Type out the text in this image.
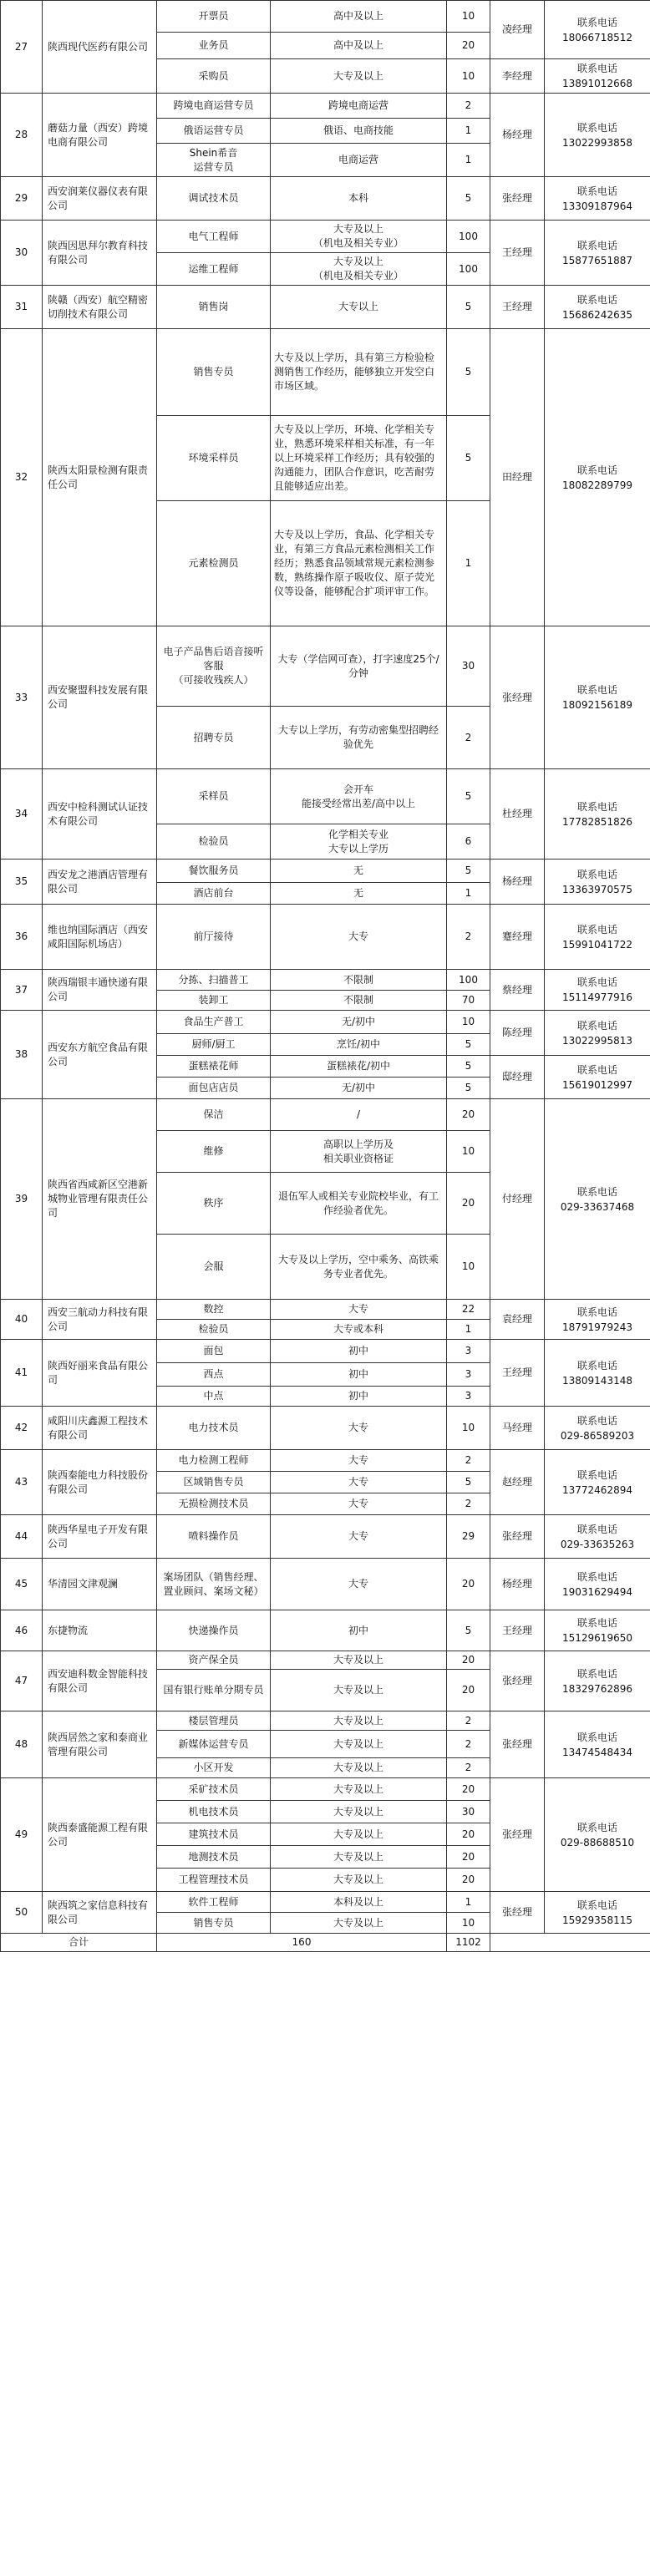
27	陕西现代医药有限公司	开票员	高中及以上	10	凌经理	联系电话
18066718512
		业务员	高中及以上	20		
		采购员	大专及以上	10	李经理	联系电话
13891012668
28	蘑菇力量（西安）跨境电商有限公司	跨境电商运营专员	跨境电商运营	2	杨经理	联系电话
13022993858
		俄语运营专员	俄语、电商技能	1		
		Shein希音
运营专员	电商运营	1		
29	西安润莱仪器仪表有限公司	调试技术员	本科	5	张经理	联系电话
13309187964
30	陕西因思拜尔教育科技有限公司	电气工程师	大专及以上
（机电及相关专业）	100	王经理	联系电话
15877651887
		运维工程师	大专及以上
（机电及相关专业）	100		
31	陕赣（西安）航空精密切削技术有限公司	销售岗	大专以上	5	王经理	联系电话
15686242635
32	陕西太阳景检测有限责任公司	销售专员	大专及以上学历，具有第三方检验检测销售工作经历，能够独立开发空白市场区域。	5	田经理	联系电话
18082289799
		环境采样员	大专及以上学历，环境、化学相关专业，熟悉环境采样相关标准，有一年以上环境采样工作经历；具有较强的沟通能力，团队合作意识，吃苦耐劳且能够适应出差。	5		
		元素检测员	大专及以上学历，食品、化学相关专业，有第三方食品元素检测相关工作经历；熟悉食品领域常规元素检测参数，熟练操作原子吸收仪、原子荧光仪等设备，能够配合扩项评审工作。	1		
33	西安聚盟科技发展有限公司	电子产品售后语音接听客服
（可接收残疾人）	大专（学信网可查），打字速度25个/分钟	30	张经理	联系电话
18092156189
		招聘专员	大专以上学历，有劳动密集型招聘经验优先	2		
34	西安中检科测试认证技术有限公司	采样员	会开车
能接受经常出差/高中以上	5	杜经理	联系电话
17782851826
		检验员	化学相关专业
大专以上学历	6		
35	西安龙之港酒店管理有限公司	餐饮服务员	无	5	杨经理	联系电话
13363970575
		酒店前台	无	1		
36	维也纳国际酒店（西安咸阳国际机场店）	前厅接待	大专	2	蹇经理	联系电话
15991041722
37	陕西瑞银丰通快递有限公司	分拣、扫描普工	不限制	100	蔡经理	联系电话
15114977916
		装卸工	不限制	70		
38	西安东方航空食品有限公司	食品生产普工	无/初中	10	陈经理	联系电话
13022995813
		厨师/厨工	烹饪/初中	5		
		蛋糕裱花师	蛋糕裱花/初中	5	邸经理	联系电话
15619012997
		面包店店员	无/初中	5		
39	陕西省西咸新区空港新城物业管理有限责任公司	保洁	/	20	付经理	联系电话
029-33637468
		维修	高职以上学历及
相关职业资格证	10		
		秩序	退伍军人或相关专业院校毕业，有工作经验者优先。	20		
		会服	大专及以上学历，空中乘务、高铁乘务专业者优先。	10		
40	西安三航动力科技有限公司	数控	大专	22	袁经理	联系电话
18791979243
		检验员	大专或本科	1		
41	陕西好丽来食品有限公司	面包	初中	3	王经理	联系电话
13809143148
		西点	初中	3		
		中点	初中	3		
42	咸阳川庆鑫源工程技术有限公司	电力技术员	大专	10	马经理	联系电话
029-86589203
43	陕西秦能电力科技股份有限公司	电力检测工程师	大专	2	赵经理	联系电话
13772462894
		区域销售专员	大专	5		
		无损检测技术员	大专	2		
44	陕西华星电子开发有限公司	喷料操作员	大专	29	张经理	联系电话
029-33635263
45	华清园文津观澜	案场团队（销售经理、置业顾问、案场文秘）	大专	20	杨经理	联系电话
19031629494
46	东捷物流	快递操作员	初中	5	王经理	联系电话
15129619650
47	西安迪科数金智能科技有限公司	资产保全员	大专及以上	20	张经理	联系电话
18329762896
		国有银行账单分期专员	大专及以上	20		
48	陕西居然之家和泰商业管理有限公司	楼层管理员	大专及以上	2	张经理	联系电话
13474548434
		新媒体运营专员	大专及以上	2		
		小区开发	大专及以上	2		
49	陕西泰盛能源工程有限公司	采矿技术员	大专及以上	20	张经理	联系电话
029-88688510
		机电技术员	大专及以上	30		
		建筑技术员	大专及以上	20		
		地测技术员	大专及以上	20		
		工程管理技术员	大专及以上	20		
50	陕西筑之家信息科技有限公司	软件工程师	本科及以上	1	张经理	联系电话
15929358115
		销售专员	大专及以上	10		
合计		160		1102		
